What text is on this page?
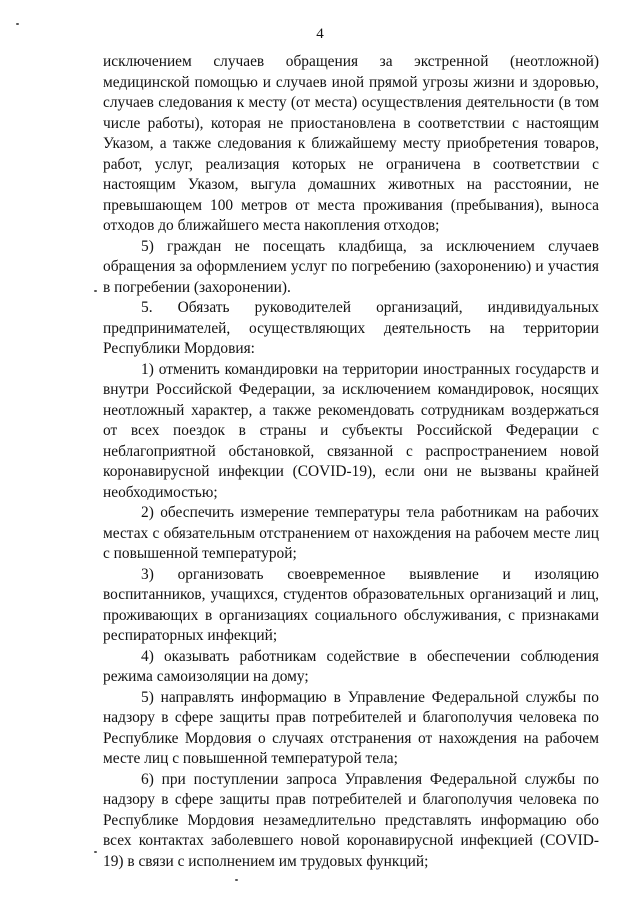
4

исключением случаев обращения за экстренной (неотложной) медицинской помощью и случаев иной прямой угрозы жизни и здоровью, случаев следования к месту (от места) осуществления деятельности (в том числе работы), которая не приостановлена в соответствии с настоящим Указом, а также следования к ближайшему месту приобретения товаров, работ, услуг, реализация которых не ограничена в соответствии с настоящим Указом, выгула домашних животных на расстоянии, не превышающем 100 метров от места проживания (пребывания), выноса отходов до ближайшего места накопления отходов;

5) граждан не посещать кладбища, за исключением случаев обращения за оформлением услуг по погребению (захоронению) и участия в погребении (захоронении).

5. Обязать руководителей организаций, индивидуальных предпринимателей, осуществляющих деятельность на территории Республики Мордовия:

1) отменить командировки на территории иностранных государств и внутри Российской Федерации, за исключением командировок, носящих неотложный характер, а также рекомендовать сотрудникам воздержаться от всех поездок в страны и субъекты Российской Федерации с неблагоприятной обстановкой, связанной с распространением новой коронавирусной инфекции (COVID-19), если они не вызваны крайней необходимостью;

2) обеспечить измерение температуры тела работникам на рабочих местах с обязательным отстранением от нахождения на рабочем месте лиц с повышенной температурой;

3) организовать своевременное выявление и изоляцию воспитанников, учащихся, студентов образовательных организаций и лиц, проживающих в организациях социального обслуживания, с признаками респираторных инфекций;

4) оказывать работникам содействие в обеспечении соблюдения режима самоизоляции на дому;

5) направлять информацию в Управление Федеральной службы по надзору в сфере защиты прав потребителей и благополучия человека по Республике Мордовия о случаях отстранения от нахождения на рабочем месте лиц с повышенной температурой тела;

6) при поступлении запроса Управления Федеральной службы по надзору в сфере защиты прав потребителей и благополучия человека по Республике Мордовия незамедлительно представлять информацию обо всех контактах заболевшего новой коронавирусной инфекцией (COVID-19) в связи с исполнением им трудовых функций;
